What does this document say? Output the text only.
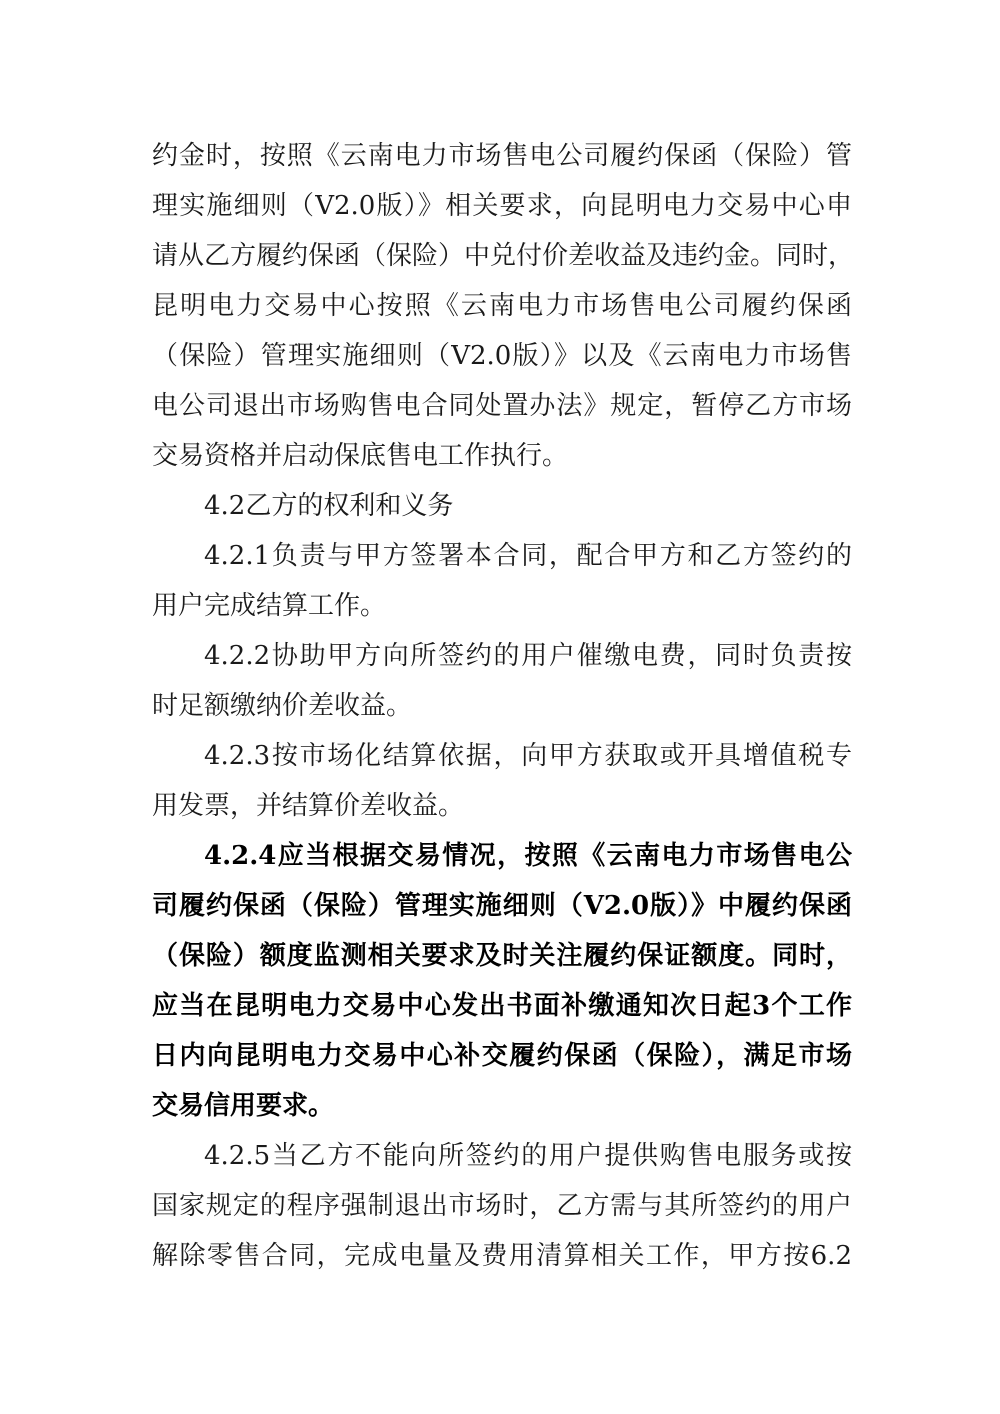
约金时，按照《云南电力市场售电公司履约保函（保险）管
理实施细则（V2.0版）》相关要求，向昆明电力交易中心申
请从乙方履约保函（保险）中兑付价差收益及违约金。同时，
昆明电力交易中心按照《云南电力市场售电公司履约保函
（保险）管理实施细则（V2.0版）》以及《云南电力市场售
电公司退出市场购售电合同处置办法》规定，暂停乙方市场
交易资格并启动保底售电工作执行。
4.2乙方的权利和义务
4.2.1负责与甲方签署本合同，配合甲方和乙方签约的
用户完成结算工作。
4.2.2协助甲方向所签约的用户催缴电费，同时负责按
时足额缴纳价差收益。
4.2.3按市场化结算依据，向甲方获取或开具增值税专
用发票，并结算价差收益。
4.2.4应当根据交易情况，按照《云南电力市场售电公
司履约保函（保险）管理实施细则（V2.0版）》中履约保函
（保险）额度监测相关要求及时关注履约保证额度。同时，
应当在昆明电力交易中心发出书面补缴通知次日起3个工作
日内向昆明电力交易中心补交履约保函（保险），满足市场
交易信用要求。
4.2.5当乙方不能向所签约的用户提供购售电服务或按
国家规定的程序强制退出市场时，乙方需与其所签约的用户
解除零售合同，完成电量及费用清算相关工作，甲方按6.2
